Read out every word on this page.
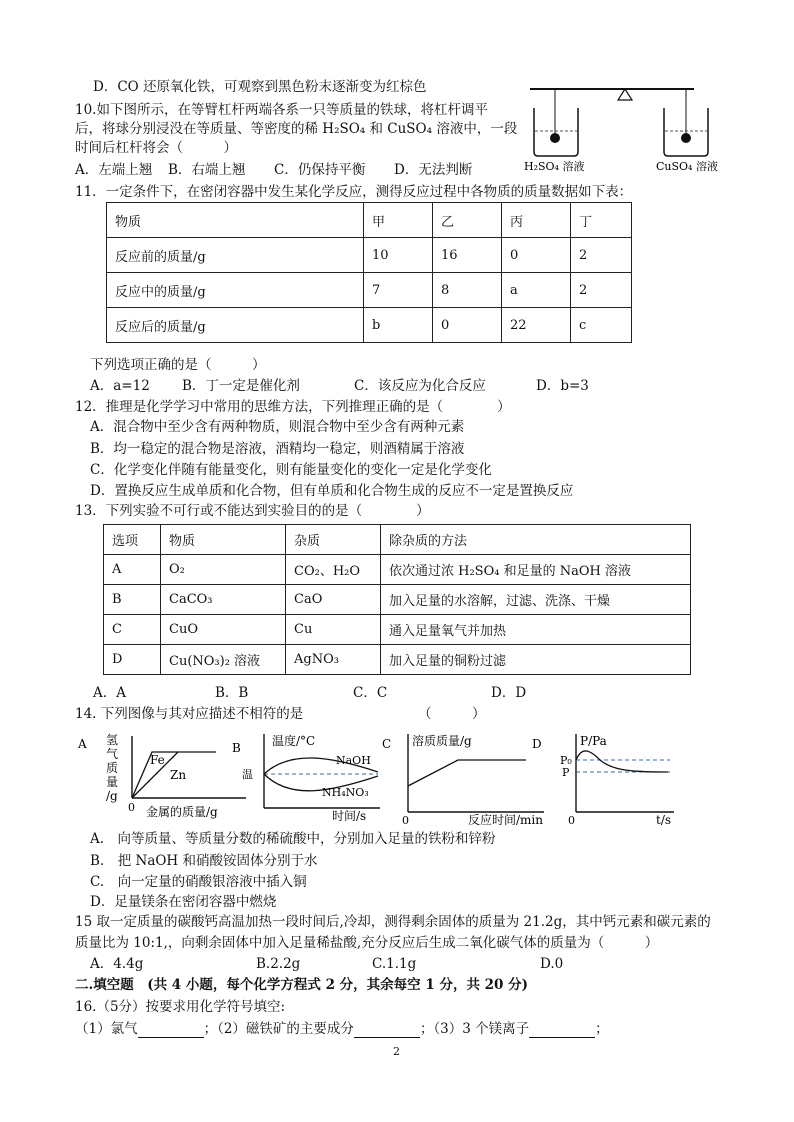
D．CO 还原氧化铁，可观察到黑色粉末逐渐变为红棕色
10.如下图所示，在等臂杠杆两端各系一只等质量的铁球，将杠杆调平
后，将球分别浸没在等质量、等密度的稀 H₂SO₄ 和 CuSO₄ 溶液中，一段
时间后杠杆将会（　　　）
A．左端上翘 B．右端上翘 C．仍保持平衡 D．无法判断	H₂SO₄ 溶液	CuSO₄ 溶液
11．一定条件下，在密闭容器中发生某化学反应，测得反应过程中各物质的质量数据如下表：
物质	甲	乙	丙	丁
反应前的质量/g	10	16	0	2
反应中的质量/g	7	8	a	2
反应后的质量/g	b	0	22	c
下列选项正确的是（　　　）
A．a=12 B．丁一定是催化剂	C．该反应为化合反应	D．b=3
12．推理是化学学习中常用的思维方法，下列推理正确的是（　　　　）
A．混合物中至少含有两种物质，则混合物中至少含有两种元素
B．均一稳定的混合物是溶液，酒精均一稳定，则酒精属于溶液
C．化学变化伴随有能量变化，则有能量变化的变化一定是化学变化
D．置换反应生成单质和化合物，但有单质和化合物生成的反应不一定是置换反应
13．下列实验不可行或不能达到实验目的的是（　　　　）
选项	物质	杂质	除杂质的方法
A	O₂	CO₂、H₂O	依次通过浓 H₂SO₄ 和足量的 NaOH 溶液
B	CaCO₃	CaO	加入足量的水溶解，过滤、洗涤、干燥
C	CuO	Cu	通入足量氧气并加热
D	Cu(NO₃)₂ 溶液	AgNO₃	加入足量的铜粉过滤
A．A	B．B	C．C	D．D
14. 下列图像与其对应描述不相符的是	（　　　）
A 氢
气
质
量
/g
Fe
Zn
0 金属的质量/g
B	温度/°C
温
NaOH
NH₄NO₃
时间/s
C 溶质质量/g
0	反应时间/min
D	P/Pa
P₀
P
0	t/s
A.　向等质量、等质量分数的稀硫酸中，分别加入足量的铁粉和锌粉
B.　把 NaOH 和硝酸铵固体分别于水
C.　向一定量的硝酸银溶液中插入铜
D．足量镁条在密闭容器中燃烧
15 取一定质量的碳酸钙高温加热一段时间后,冷却，测得剩余固体的质量为 21.2g，其中钙元素和碳元素的
质量比为 10:1,，向剩余固体中加入足量稀盐酸,充分反应后生成二氧化碳气体的质量为（　　　）
A．4.4g	B.2.2g	C.1.1g	D.0
二.填空题　(共 4 小题，每个化学方程式 2 分，其余每空 1 分，共 20 分)
16.（5分）按要求用化学符号填空:
（1）氯气	；（2）磁铁矿的主要成分	；（3）3 个镁离子	；
2
